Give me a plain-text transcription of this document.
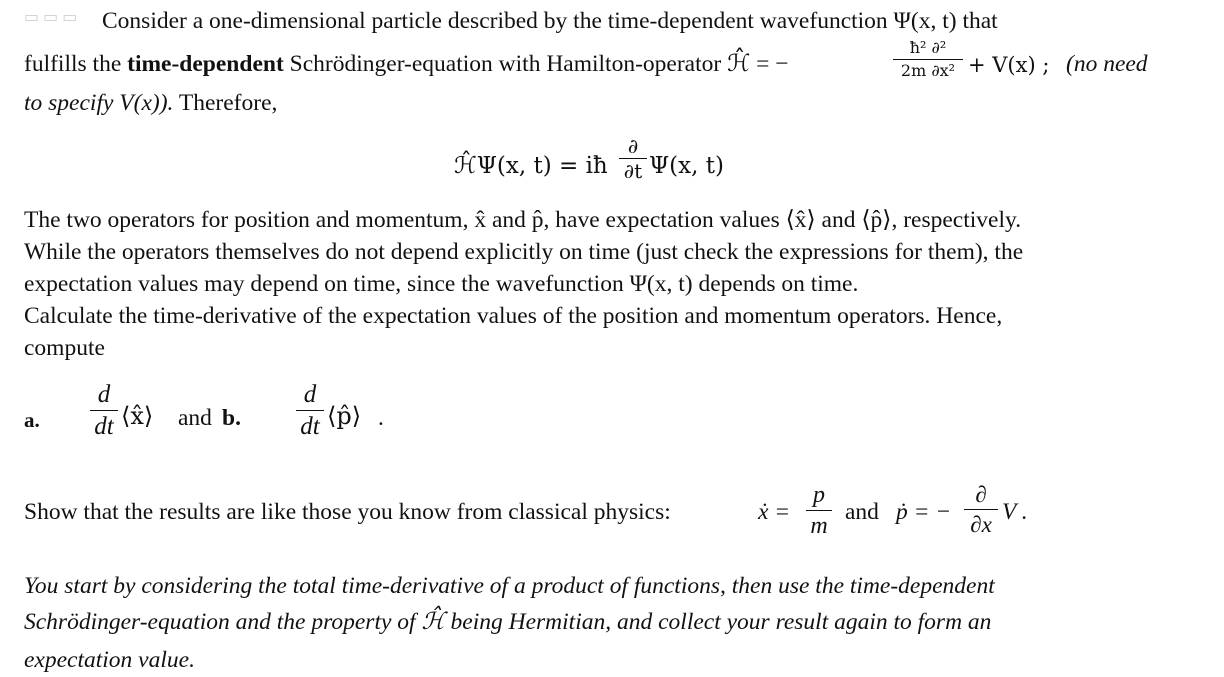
▭ ▭ ▭ Consider a one-dimensional particle described by the time-dependent wavefunction Ψ(x, t) that
fulfills the time-dependent Schrödinger-equation with Hamilton-operator ℋ̂ = −
ħ² ∂²
2m ∂x² + V(x) ; (no need
to specify V(x)). Therefore,
ℋ̂Ψ(x, t) = iħ
∂
∂t Ψ(x, t)
The two operators for position and momentum, x̂ and p̂, have expectation values ⟨x̂⟩ and ⟨p̂⟩, respectively.
While the operators themselves do not depend explicitly on time (just check the expressions for them), the
expectation values may depend on time, since the wavefunction Ψ(x, t) depends on time.
Calculate the time-derivative of the expectation values of the position and momentum operators. Hence,
compute
a.
d
dt ⟨x̂⟩ and b.
d
dt ⟨p̂⟩ .
Show that the results are like those you know from classical physics:	ẋ =
p
m
and ṗ = −
∂
∂x V .
You start by considering the total time-derivative of a product of functions, then use the time-dependent
Schrödinger-equation and the property of ℋ̂ being Hermitian, and collect your result again to form an
expectation value.
